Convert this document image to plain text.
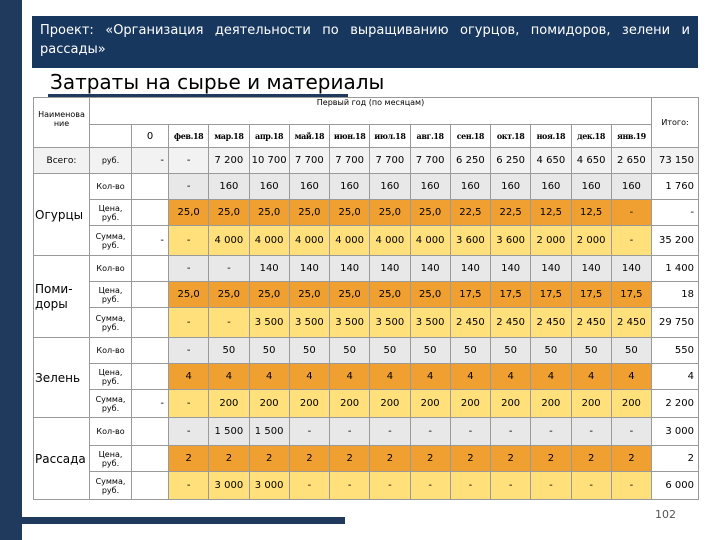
Проект: «Организация деятельности по выращиванию огурцов, помидоров, зелени и рассады»
Затраты на сырье и материалы
Наименова ние	Первый год (по месяцам)														Итого:
		0	фев.18	мар.18	апр.18	май.18	июн.18	июл.18	авг.18	сен.18	окт.18	ноя.18	дек.18	янв.19	
Всего:	руб.	-	-	7 200	10 700	7 700	7 700	7 700	7 700	6 250	6 250	4 650	4 650	2 650	73 150
Огурцы	Кол-во		-	160	160	160	160	160	160	160	160	160	160	160	1 760
	Цена, руб.		25,0	25,0	25,0	25,0	25,0	25,0	25,0	22,5	22,5	12,5	12,5	-	-
	Сумма, руб.	-	-	4 000	4 000	4 000	4 000	4 000	4 000	3 600	3 600	2 000	2 000	-	35 200
Поми-доры	Кол-во		-	-	140	140	140	140	140	140	140	140	140	140	1 400
	Цена, руб.		25,0	25,0	25,0	25,0	25,0	25,0	25,0	17,5	17,5	17,5	17,5	17,5	18
	Сумма, руб.		-	-	3 500	3 500	3 500	3 500	3 500	2 450	2 450	2 450	2 450	2 450	29 750
Зелень	Кол-во		-	50	50	50	50	50	50	50	50	50	50	50	550
	Цена, руб.		4	4	4	4	4	4	4	4	4	4	4	4	4
	Сумма, руб.	-	-	200	200	200	200	200	200	200	200	200	200	200	2 200
Рассада	Кол-во		-	1 500	1 500	-	-	-	-	-	-	-	-	-	3 000
	Цена, руб.		2	2	2	2	2	2	2	2	2	2	2	2	2
	Сумма, руб.		-	3 000	3 000	-	-	-	-	-	-	-	-	-	6 000
102
